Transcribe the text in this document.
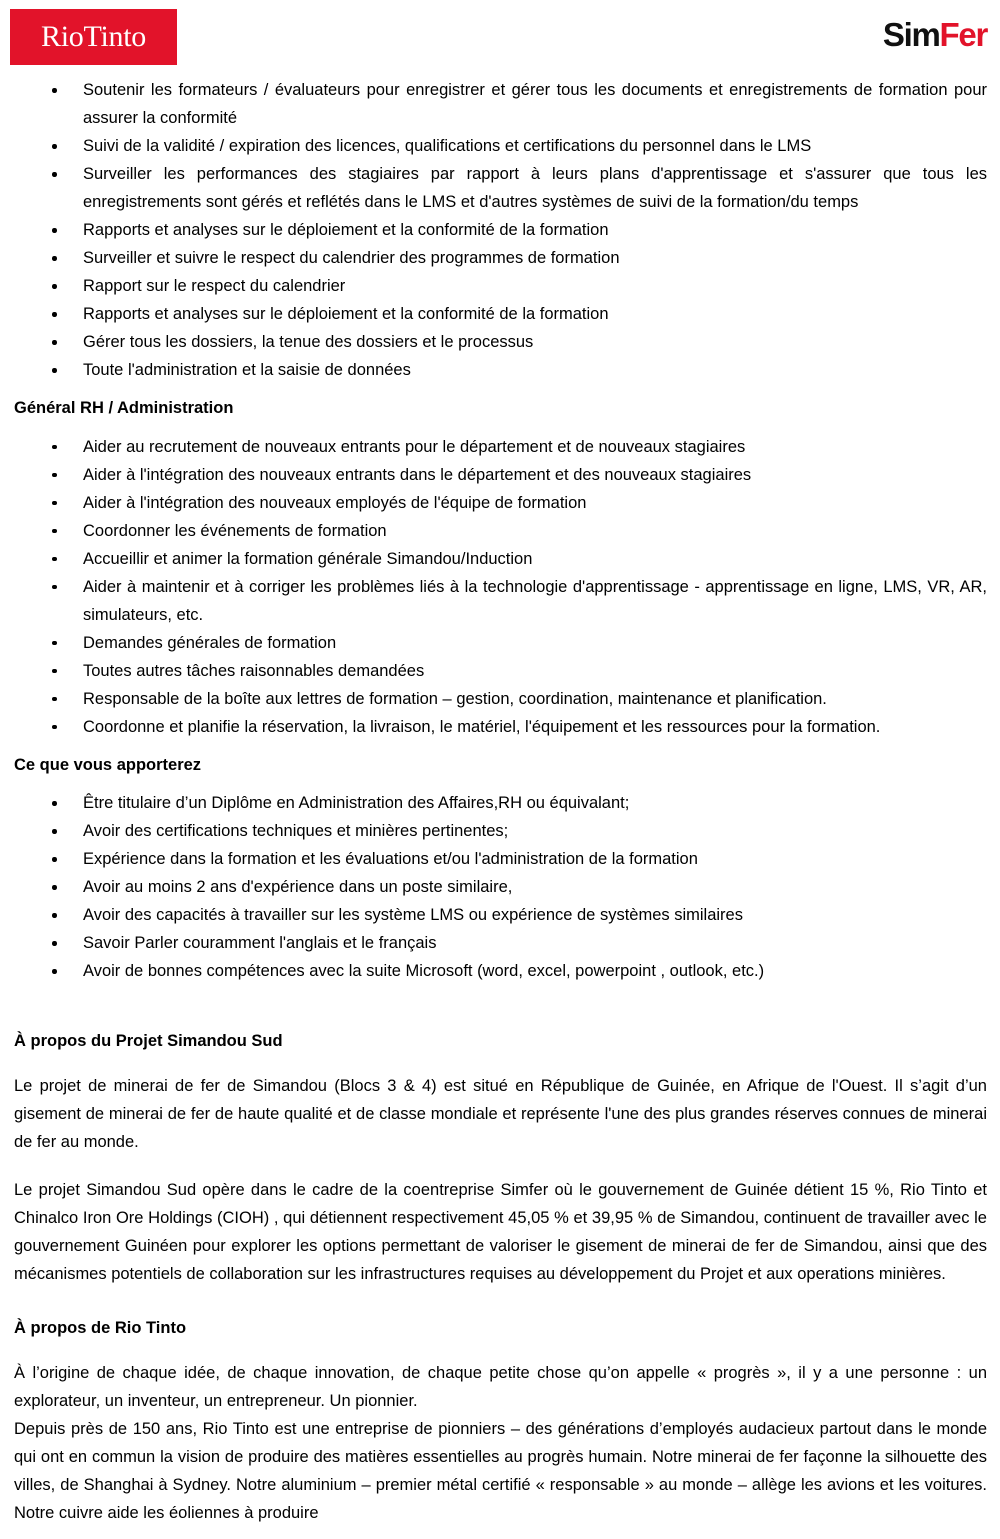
RioTinto	SimFer
Soutenir les formateurs / évaluateurs pour enregistrer et gérer tous les documents et enregistrements de formation pour assurer la conformité
Suivi de la validité / expiration des licences, qualifications et certifications du personnel dans le LMS
Surveiller les performances des stagiaires par rapport à leurs plans d'apprentissage et s'assurer que tous les enregistrements sont gérés et reflétés dans le LMS et d'autres systèmes de suivi de la formation/du temps
Rapports et analyses sur le déploiement et la conformité de la formation
Surveiller et suivre le respect du calendrier des programmes de formation
Rapport sur le respect du calendrier
Rapports et analyses sur le déploiement et la conformité de la formation
Gérer tous les dossiers, la tenue des dossiers et le processus
Toute l'administration et la saisie de données
Général RH / Administration
Aider au recrutement de nouveaux entrants pour le département et de nouveaux stagiaires
Aider à l'intégration des nouveaux entrants dans le département et des nouveaux stagiaires
Aider à l'intégration des nouveaux employés de l'équipe de formation
Coordonner les événements de formation
Accueillir et animer la formation générale Simandou/Induction
Aider à maintenir et à corriger les problèmes liés à la technologie d'apprentissage - apprentissage en ligne, LMS, VR, AR, simulateurs, etc.
Demandes générales de formation
Toutes autres tâches raisonnables demandées
Responsable de la boîte aux lettres de formation – gestion, coordination, maintenance et planification.
Coordonne et planifie la réservation, la livraison, le matériel, l'équipement et les ressources pour la formation.
Ce que vous apporterez
Être titulaire d’un Diplôme en Administration des Affaires,RH ou équivalant;
Avoir des certifications techniques et minières pertinentes;
Expérience dans la formation et les évaluations et/ou l'administration de la formation
Avoir au moins 2 ans d'expérience dans un poste similaire,
Avoir des capacités à travailler sur les système LMS ou expérience de systèmes similaires
Savoir Parler couramment l'anglais et le français
Avoir de bonnes compétences avec la suite Microsoft (word, excel, powerpoint , outlook, etc.)
À propos du Projet Simandou Sud

Le projet de minerai de fer de Simandou (Blocs 3 & 4) est situé en République de Guinée, en Afrique de l'Ouest. Il s’agit d’un gisement de minerai de fer de haute qualité et de classe mondiale et représente l'une des plus grandes réserves connues de minerai de fer au monde.

Le projet Simandou Sud opère dans le cadre de la coentreprise Simfer où le gouvernement de Guinée détient 15 %, Rio Tinto et Chinalco Iron Ore Holdings (CIOH) , qui détiennent respectivement 45,05 % et 39,95 % de Simandou, continuent de travailler avec le gouvernement Guinéen pour explorer les options permettant de valoriser le gisement de minerai de fer de Simandou, ainsi que des mécanismes potentiels de collaboration sur les infrastructures requises au développement du Projet et aux operations minières.

À propos de Rio Tinto

À l’origine de chaque idée, de chaque innovation, de chaque petite chose qu’on appelle « progrès », il y a une personne : un explorateur, un inventeur, un entrepreneur. Un pionnier.

Depuis près de 150 ans, Rio Tinto est une entreprise de pionniers – des générations d’employés audacieux partout dans le monde qui ont en commun la vision de produire des matières essentielles au progrès humain. Notre minerai de fer façonne la silhouette des villes, de Shanghai à Sydney. Notre aluminium – premier métal certifié « responsable » au monde – allège les avions et les voitures. Notre cuivre aide les éoliennes à produire
